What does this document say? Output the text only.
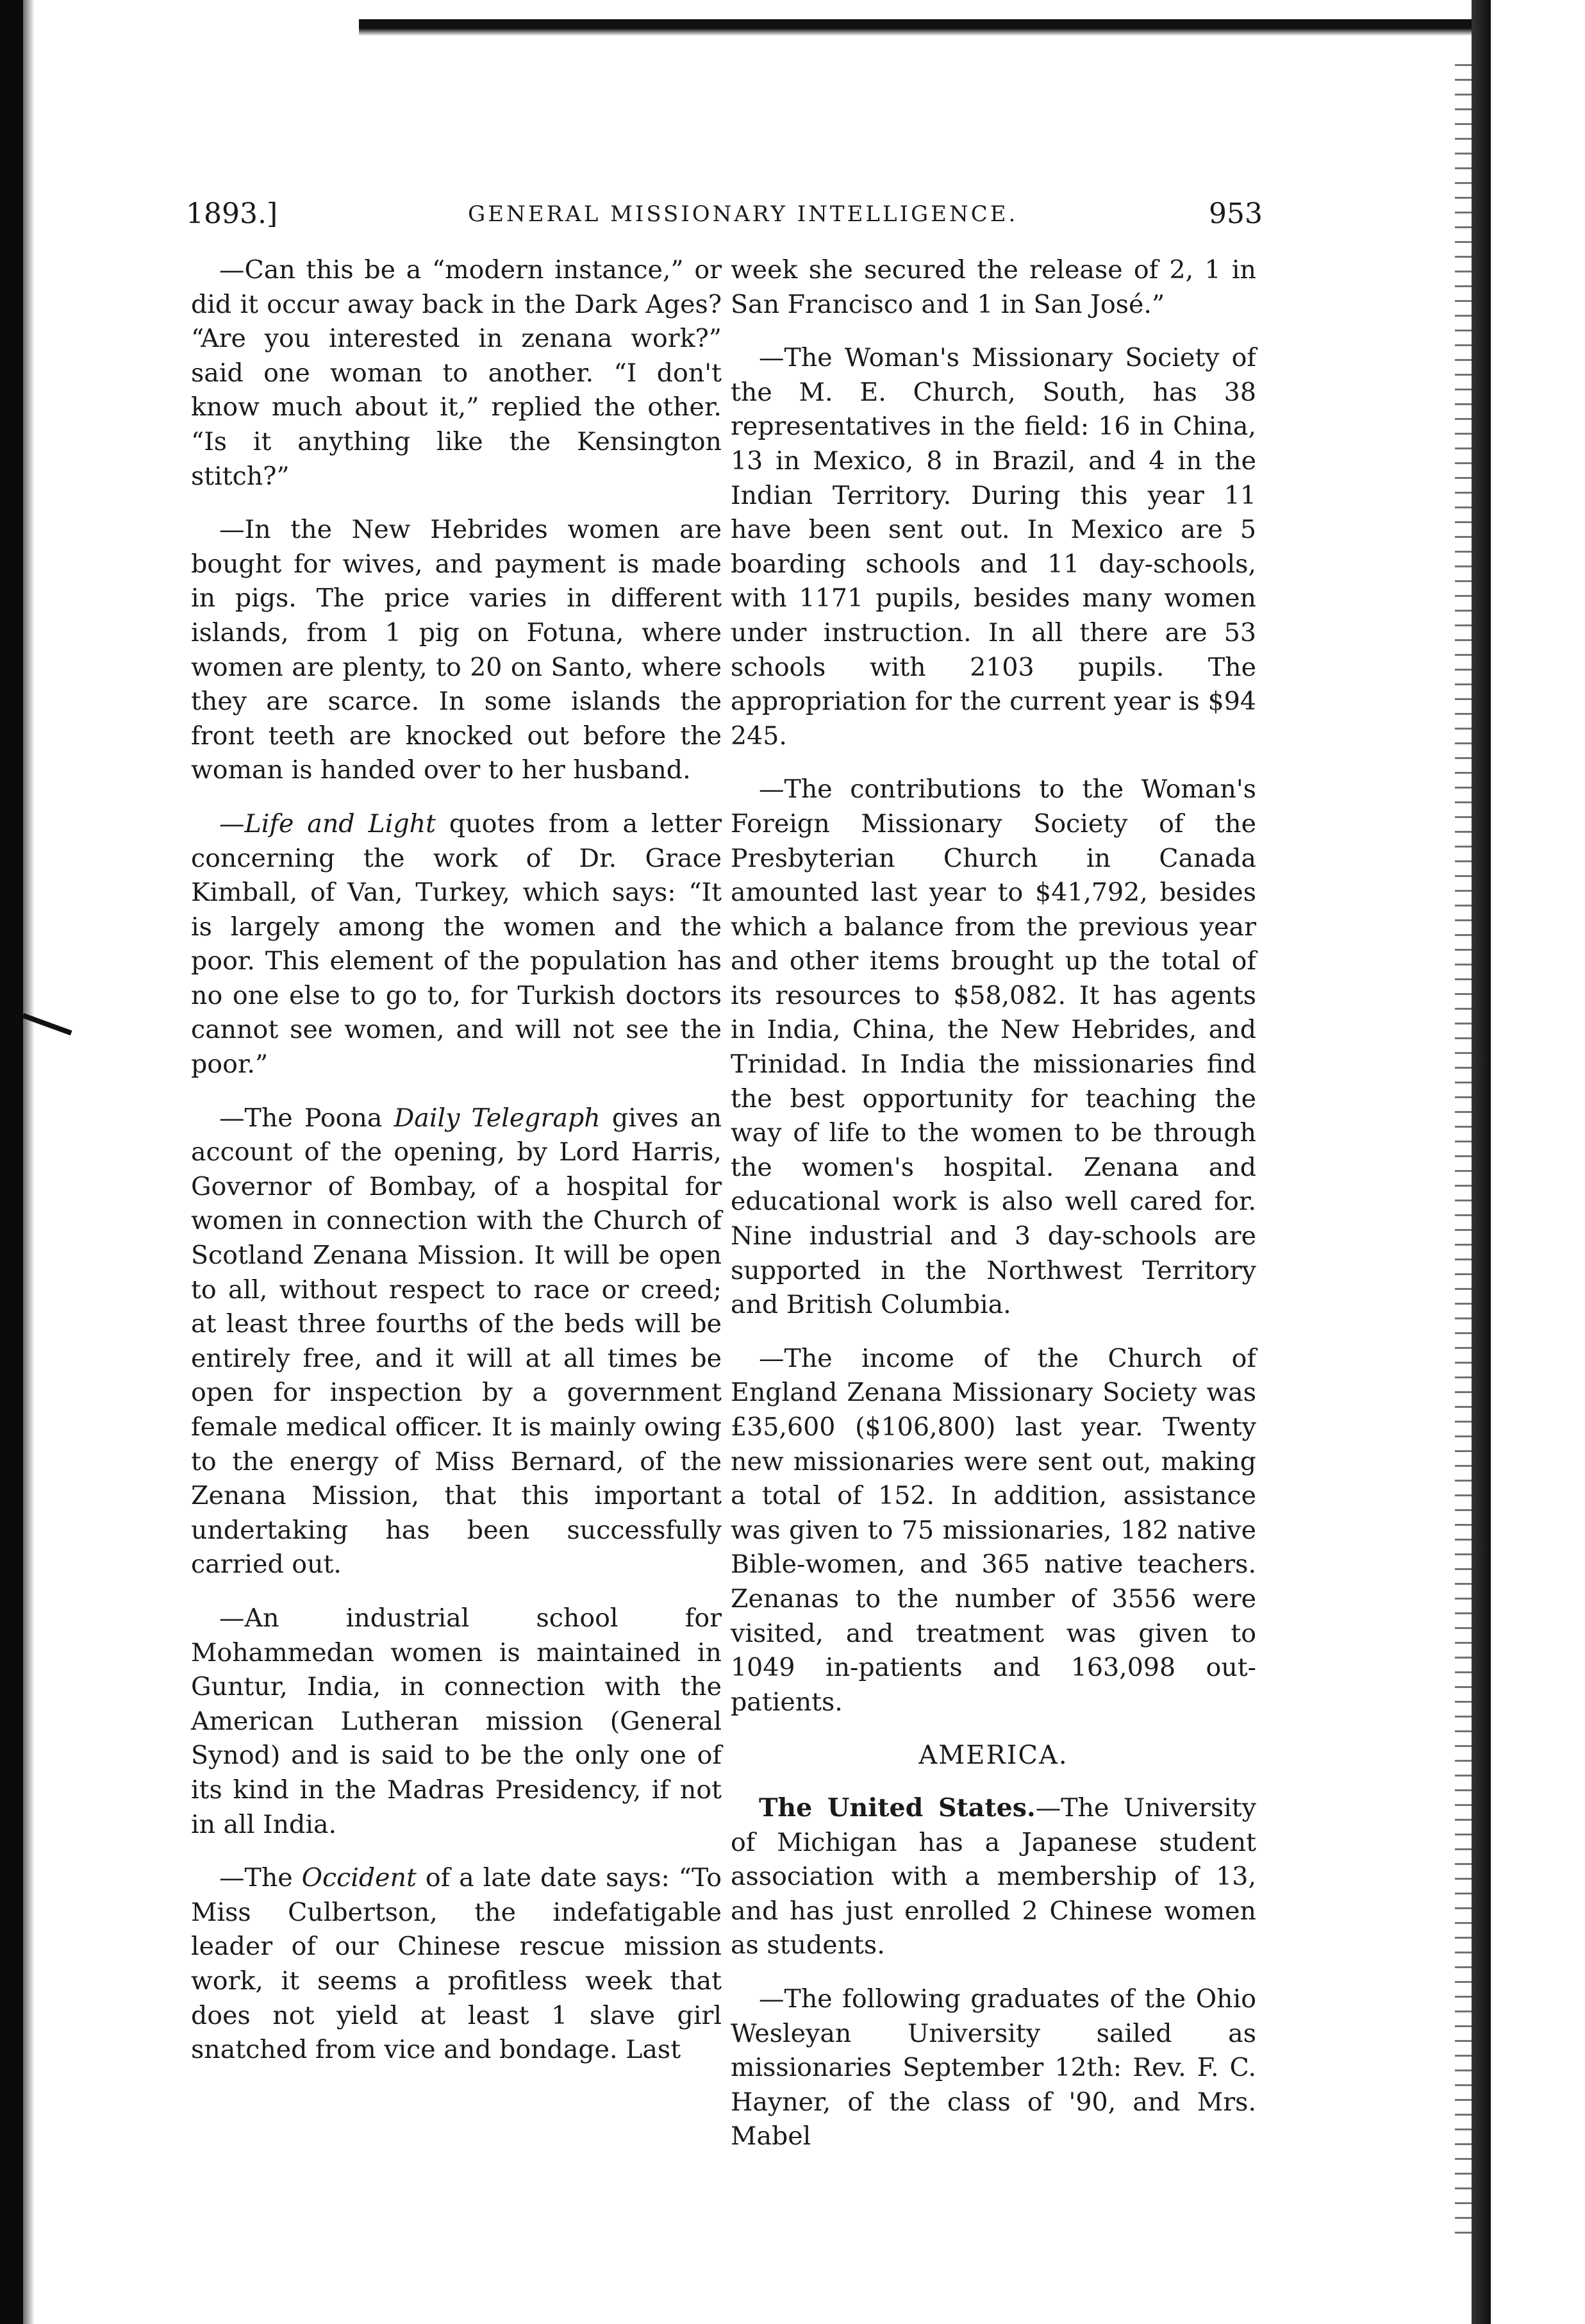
1893.]	GENERAL MISSIONARY INTELLIGENCE.	953

—Can this be a “modern instance,” or did it occur away back in the Dark Ages? “Are you interested in zenana work?” said one woman to another. “I don't know much about it,” replied the other. “Is it anything like the Kensington stitch?”

—In the New Hebrides women are bought for wives, and payment is made in pigs. The price varies in different islands, from 1 pig on Fotuna, where women are plenty, to 20 on Santo, where they are scarce. In some islands the front teeth are knocked out before the woman is handed over to her husband.

—Life and Light quotes from a letter concerning the work of Dr. Grace Kimball, of Van, Turkey, which says: “It is largely among the women and the poor. This element of the population has no one else to go to, for Turkish doctors cannot see women, and will not see the poor.”

—The Poona Daily Telegraph gives an account of the opening, by Lord Harris, Governor of Bombay, of a hospital for women in connection with the Church of Scotland Zenana Mission. It will be open to all, without respect to race or creed; at least three fourths of the beds will be entirely free, and it will at all times be open for inspection by a government female medical officer. It is mainly owing to the energy of Miss Bernard, of the Zenana Mission, that this important undertaking has been successfully carried out.

—An industrial school for Mohammedan women is maintained in Guntur, India, in connection with the American Lutheran mission (General Synod) and is said to be the only one of its kind in the Madras Presidency, if not in all India.

—The Occident of a late date says: “To Miss Culbertson, the indefatigable leader of our Chinese rescue mission work, it seems a profitless week that does not yield at least 1 slave girl snatched from vice and bondage. Last

week she secured the release of 2, 1 in San Francisco and 1 in San José.”

—The Woman's Missionary Society of the M. E. Church, South, has 38 representatives in the field: 16 in China, 13 in Mexico, 8 in Brazil, and 4 in the Indian Territory. During this year 11 have been sent out. In Mexico are 5 boarding schools and 11 day-schools, with 1171 pupils, besides many women under instruction. In all there are 53 schools with 2103 pupils. The appropriation for the current year is $94 245.

—The contributions to the Woman's Foreign Missionary Society of the Presbyterian Church in Canada amounted last year to $41,792, besides which a balance from the previous year and other items brought up the total of its resources to $58,082. It has agents in India, China, the New Hebrides, and Trinidad. In India the missionaries find the best opportunity for teaching the way of life to the women to be through the women's hospital. Zenana and educational work is also well cared for. Nine industrial and 3 day-schools are supported in the Northwest Territory and British Columbia.

—The income of the Church of England Zenana Missionary Society was £35,600 ($106,800) last year. Twenty new missionaries were sent out, making a total of 152. In addition, assistance was given to 75 missionaries, 182 native Bible-women, and 365 native teachers. Zenanas to the number of 3556 were visited, and treatment was given to 1049 in-patients and 163,098 out-patients.

AMERICA.

The United States.—The University of Michigan has a Japanese student association with a membership of 13, and has just enrolled 2 Chinese women as students.

—The following graduates of the Ohio Wesleyan University sailed as missionaries September 12th: Rev. F. C. Hayner, of the class of '90, and Mrs. Mabel
